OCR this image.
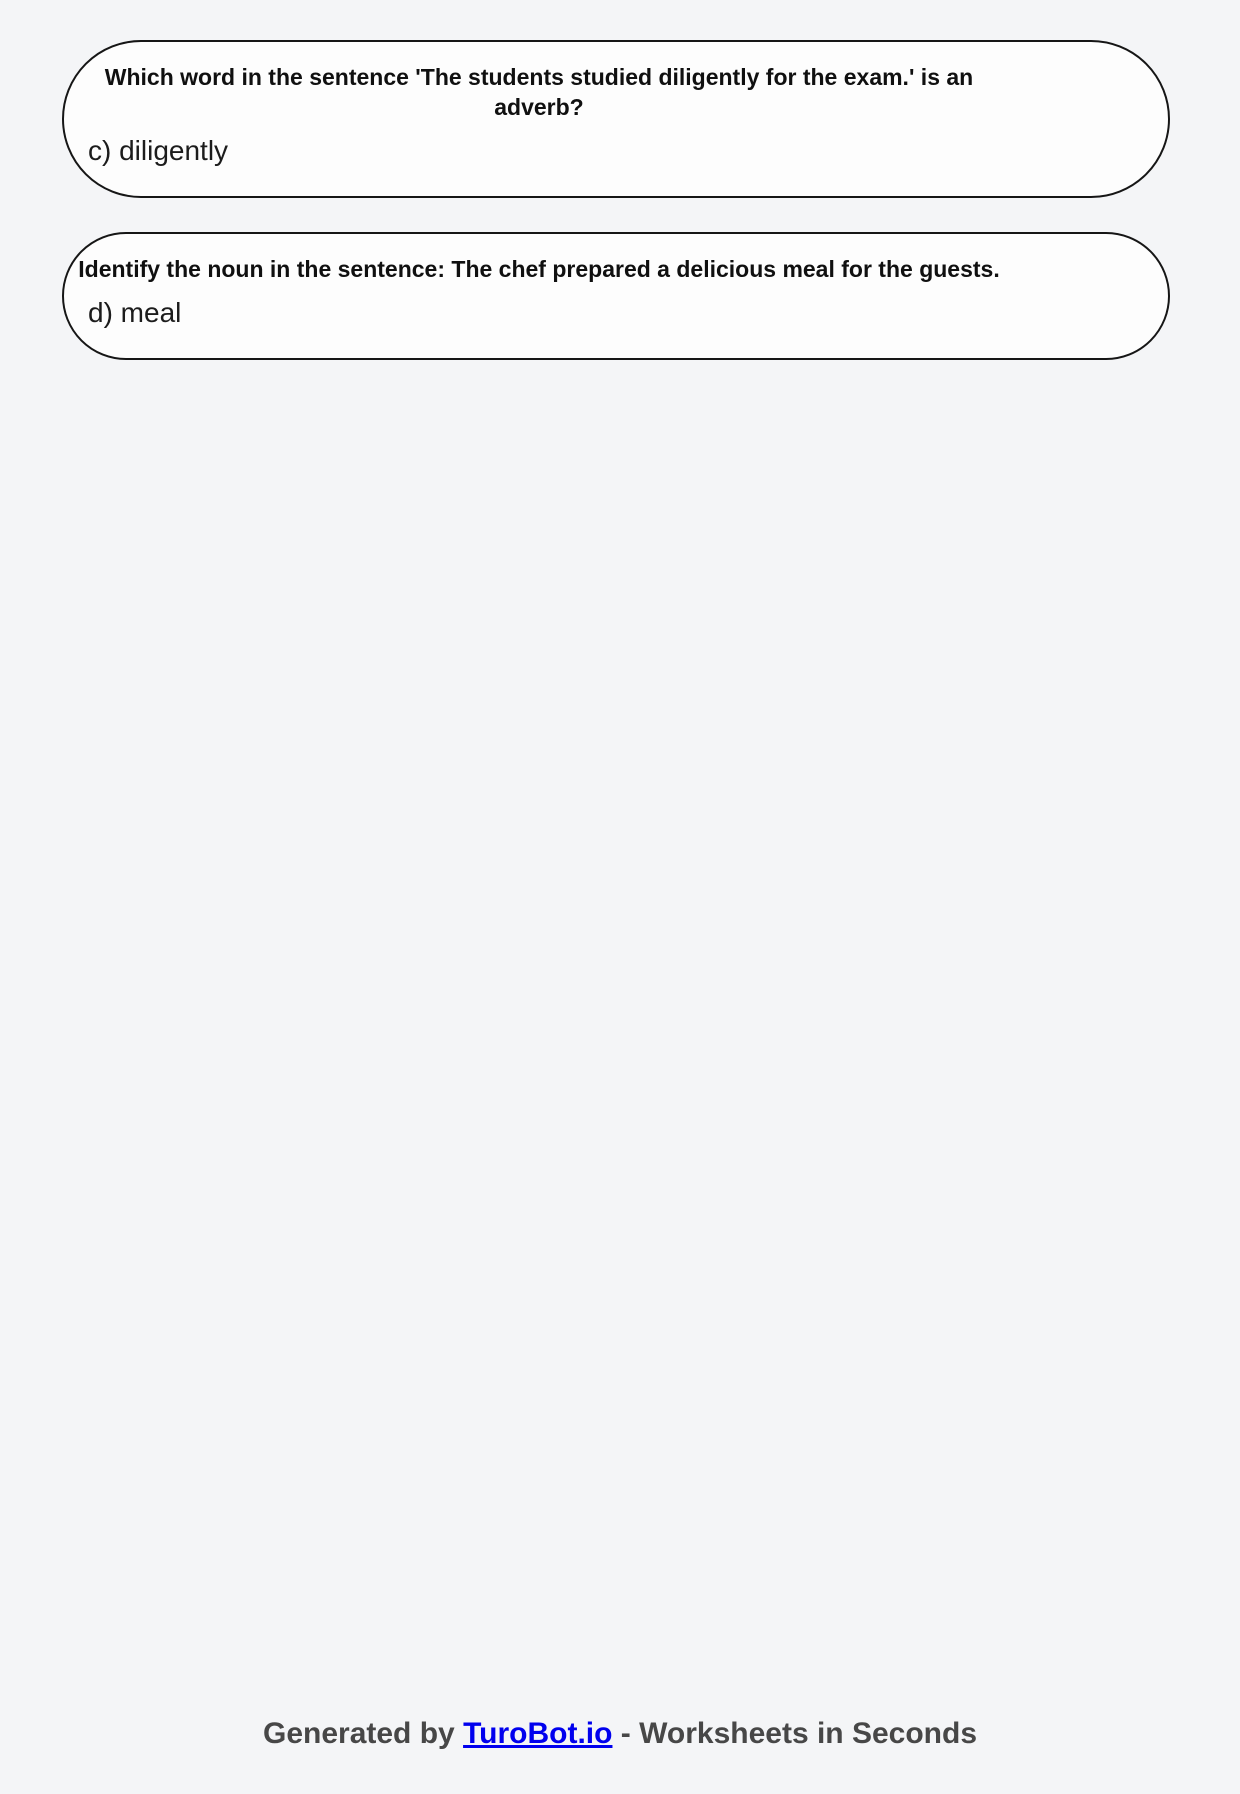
Which word in the sentence 'The students studied diligently for the exam.' is an adverb?

c) diligently

Identify the noun in the sentence: The chef prepared a delicious meal for the guests.

d) meal

Generated by TuroBot.io - Worksheets in Seconds
